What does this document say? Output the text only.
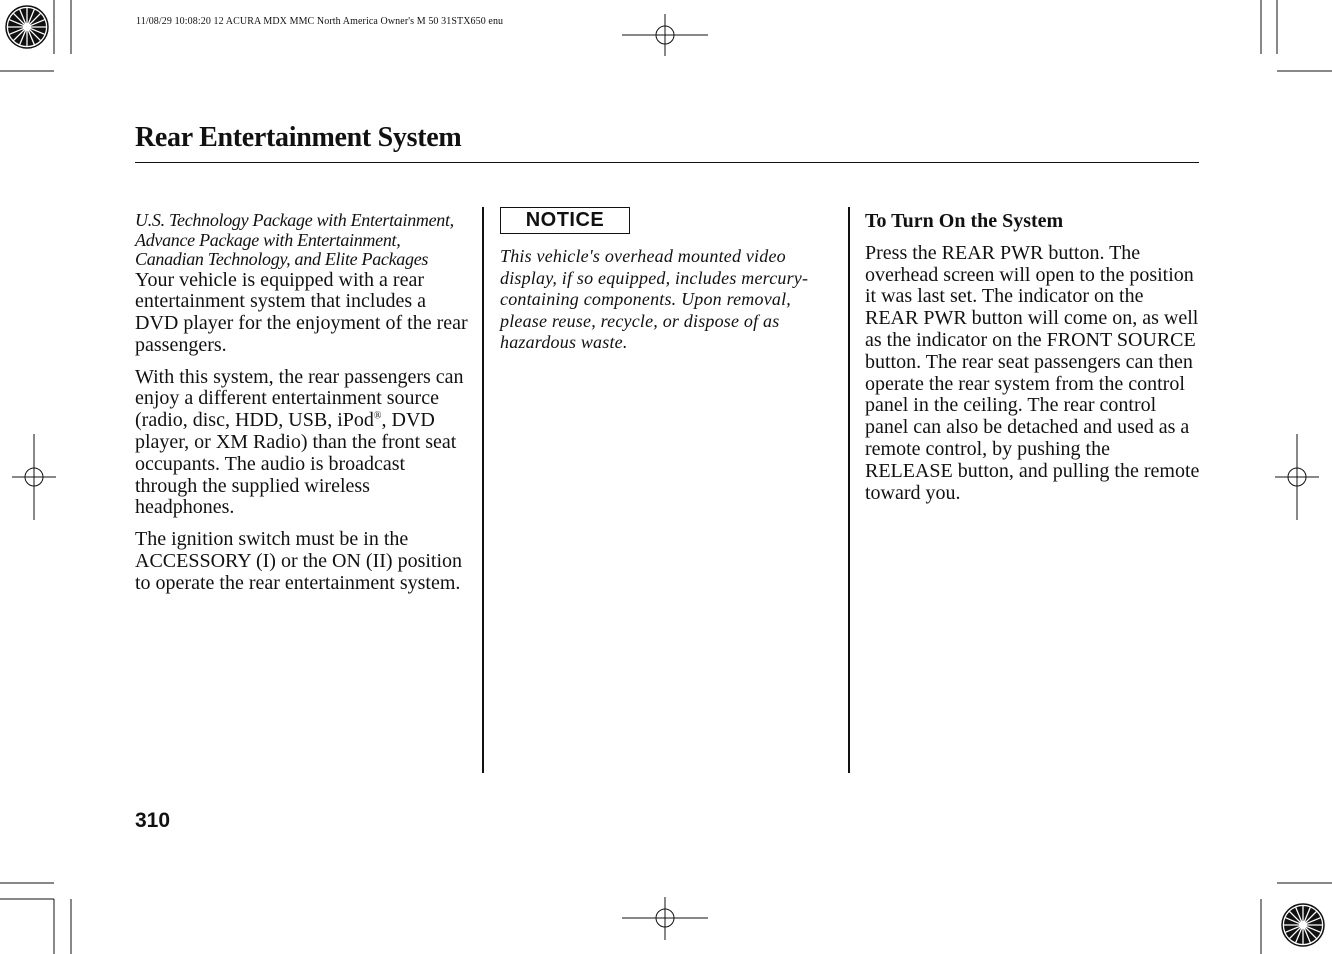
11/08/29 10:08:20 12 ACURA MDX MMC North America Owner's M 50 31STX650 enu
Rear Entertainment System

U.S. Technology Package with Entertainment, Advance Package with Entertainment, Canadian Technology, and Elite Packages

Your vehicle is equipped with a rear entertainment system that includes a DVD player for the enjoyment of the rear passengers.

With this system, the rear passengers can enjoy a different entertainment source (radio, disc, HDD, USB, iPod®, DVD player, or XM Radio) than the front seat occupants. The audio is broadcast through the supplied wireless headphones.

The ignition switch must be in the ACCESSORY (I) or the ON (II) position to operate the rear entertainment system.

NOTICE

This vehicle's overhead mounted video display, if so equipped, includes mercury-containing components. Upon removal, please reuse, recycle, or dispose of as hazardous waste.

To Turn On the System

Press the REAR PWR button. The overhead screen will open to the position it was last set. The indicator on the REAR PWR button will come on, as well as the indicator on the FRONT SOURCE button. The rear seat passengers can then operate the rear system from the control panel in the ceiling. The rear control panel can also be detached and used as a remote control, by pushing the RELEASE button, and pulling the remote toward you.

310
